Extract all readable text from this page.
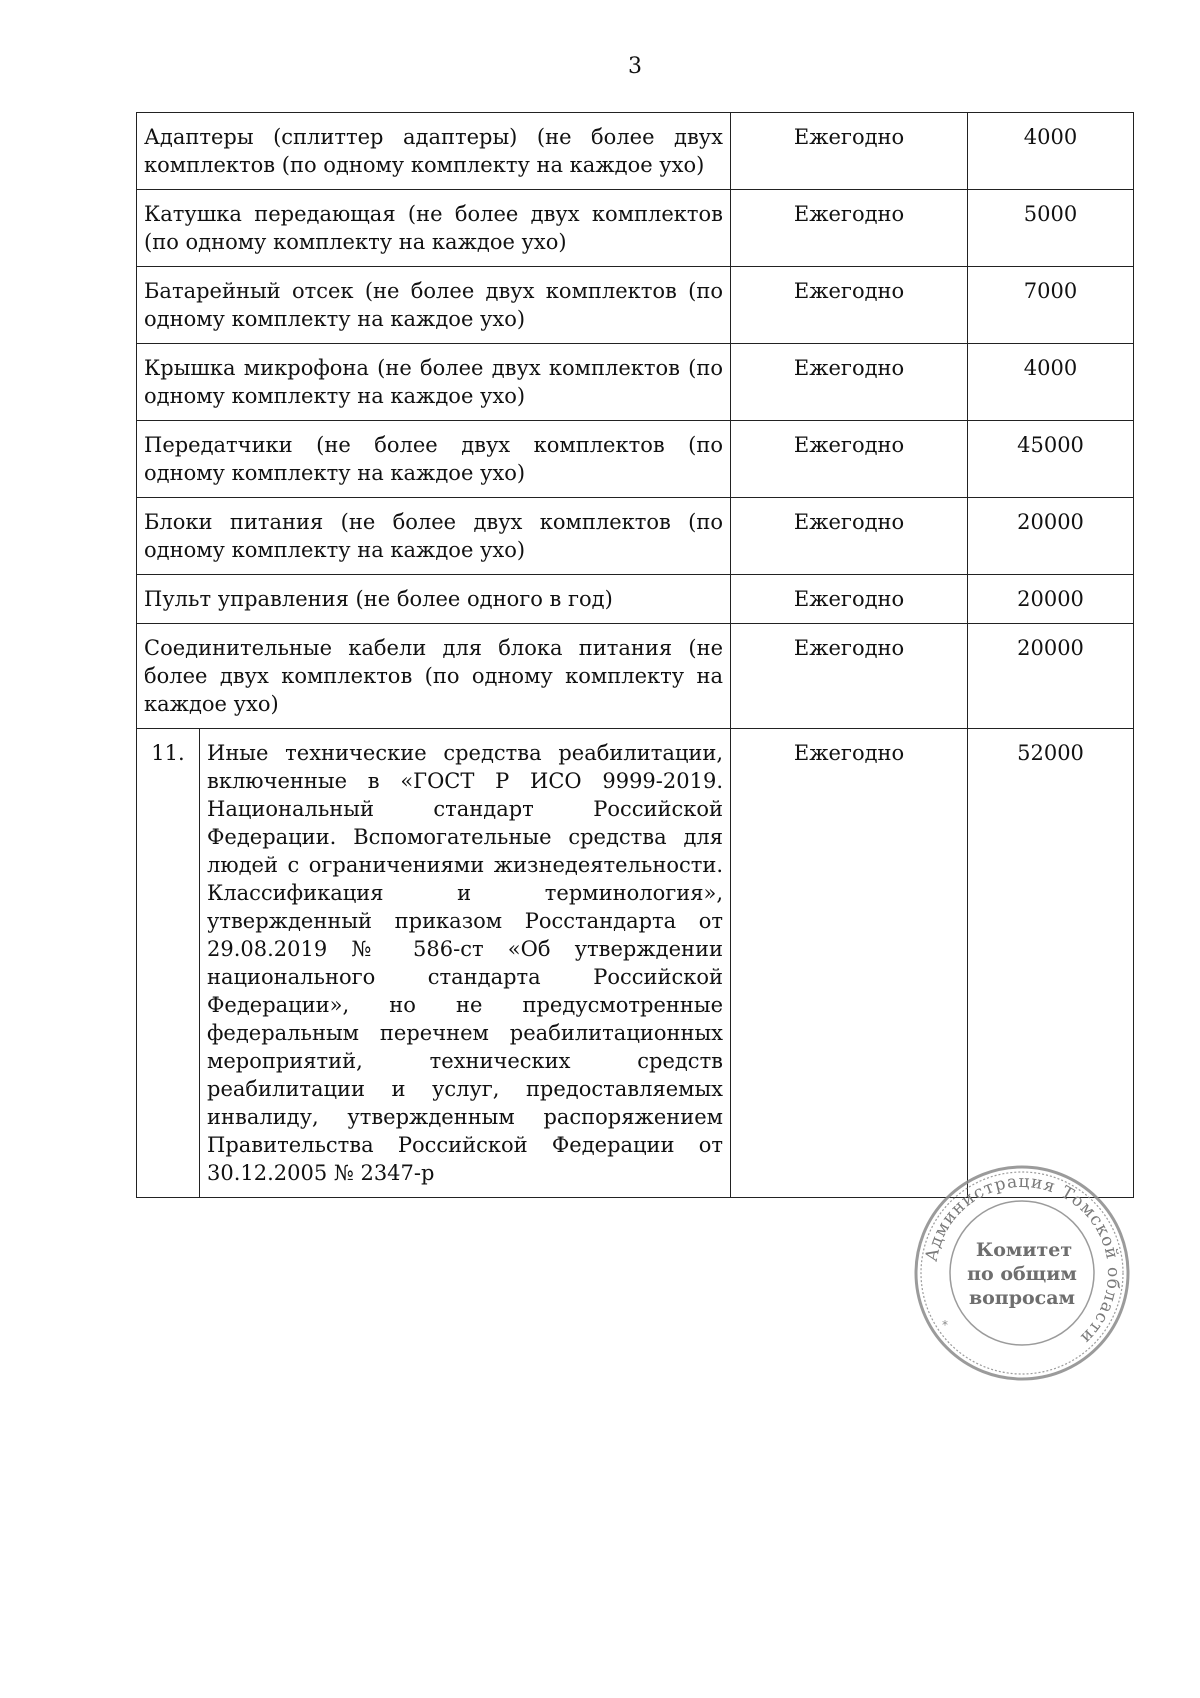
3
Адаптеры (сплиттер адаптеры) (не более двух комплектов (по одному комплекту на каждое ухо)		Ежегодно	4000
Катушка передающая (не более двух комплектов (по одному комплекту на каждое ухо)		Ежегодно	5000
Батарейный отсек (не более двух комплектов (по одному комплекту на каждое ухо)		Ежегодно	7000
Крышка микрофона (не более двух комплектов (по одному комплекту на каждое ухо)		Ежегодно	4000
Передатчики (не более двух комплектов (по одному комплекту на каждое ухо)		Ежегодно	45000
Блоки питания (не более двух комплектов (по одному комплекту на каждое ухо)		Ежегодно	20000
Пульт управления (не более одного в год)		Ежегодно	20000
Соединительные кабели для блока питания (не более двух комплектов (по одному комплекту на каждое ухо)		Ежегодно	20000
11.	Иные технические средства реабилитации, включенные в «ГОСТ Р ИСО 9999-2019. Национальный стандарт Российской Федерации. Вспомогательные средства для людей с ограничениями жизнедеятельности. Классификация и терминология», утвержденный приказом Росстандарта от 29.08.2019 № 586-ст «Об утверждении национального стандарта Российской Федерации», но не предусмотренные федеральным перечнем реабилитационных мероприятий, технических средств реабилитации и услуг, предоставляемых инвалиду, утвержденным распоряжением Правительства Российской Федерации от 30.12.2005 № 2347-р	Ежегодно	52000
Администрация Томской области
*
Комитет
по общим
вопросам
